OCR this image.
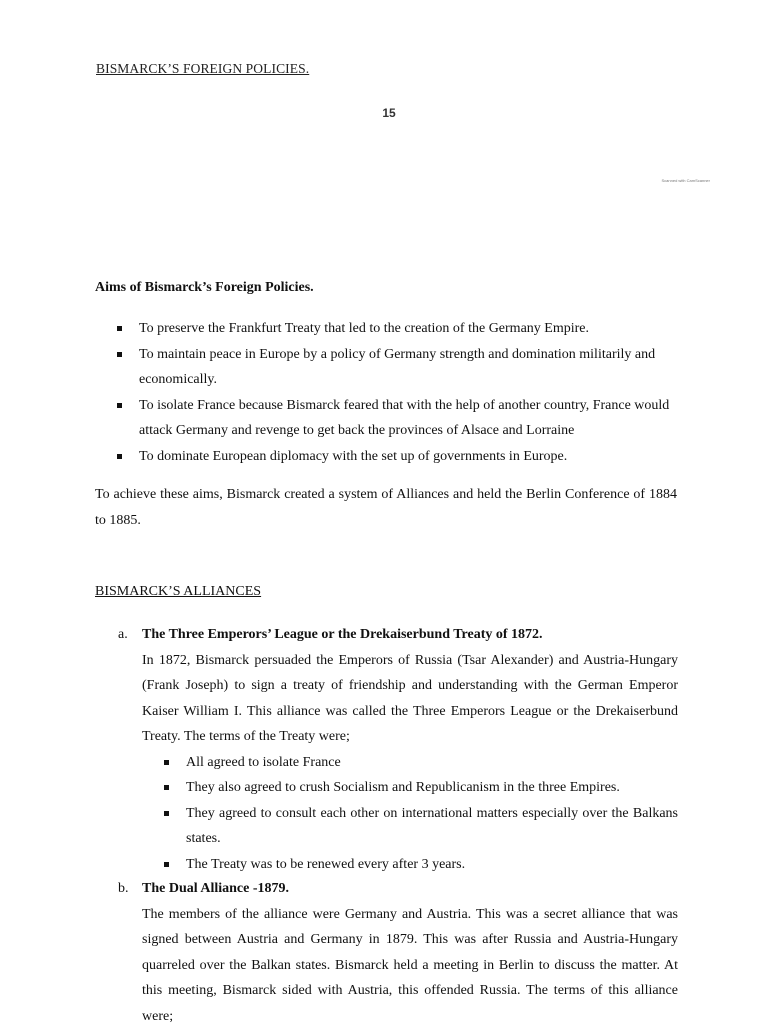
BISMARCK’S FOREIGN POLICIES.
15
Scanned with CamScanner
Aims of Bismarck’s Foreign Policies.
To preserve the Frankfurt Treaty that led to the creation of the Germany Empire.
To maintain peace in Europe by a policy of Germany strength and domination militarily and economically.
To isolate France because Bismarck feared that with the help of another country, France would attack Germany and revenge to get back the provinces of Alsace and Lorraine
To dominate European diplomacy with the set up of governments in Europe.

To achieve these aims, Bismarck created a system of Alliances and held the Berlin Conference of 1884 to 1885.

BISMARCK’S ALLIANCES
a. The Three Emperors’ League or the Drekaiserbund Treaty of 1872.

In 1872, Bismarck persuaded the Emperors of Russia (Tsar Alexander) and Austria-Hungary (Frank Joseph) to sign a treaty of friendship and understanding with the German Emperor Kaiser William I. This alliance was called the Three Emperors League or the Drekaiserbund Treaty. The terms of the Treaty were;

All agreed to isolate France
They also agreed to crush Socialism and Republicanism in the three Empires.
They agreed to consult each other on international matters especially over the Balkans states.
The Treaty was to be renewed every after 3 years.
b. The Dual Alliance -1879.

The members of the alliance were Germany and Austria. This was a secret alliance that was signed between Austria and Germany in 1879. This was after Russia and Austria-Hungary quarreled over the Balkan states. Bismarck held a meeting in Berlin to discuss the matter. At this meeting, Bismarck sided with Austria, this offended Russia. The terms of this alliance were;
